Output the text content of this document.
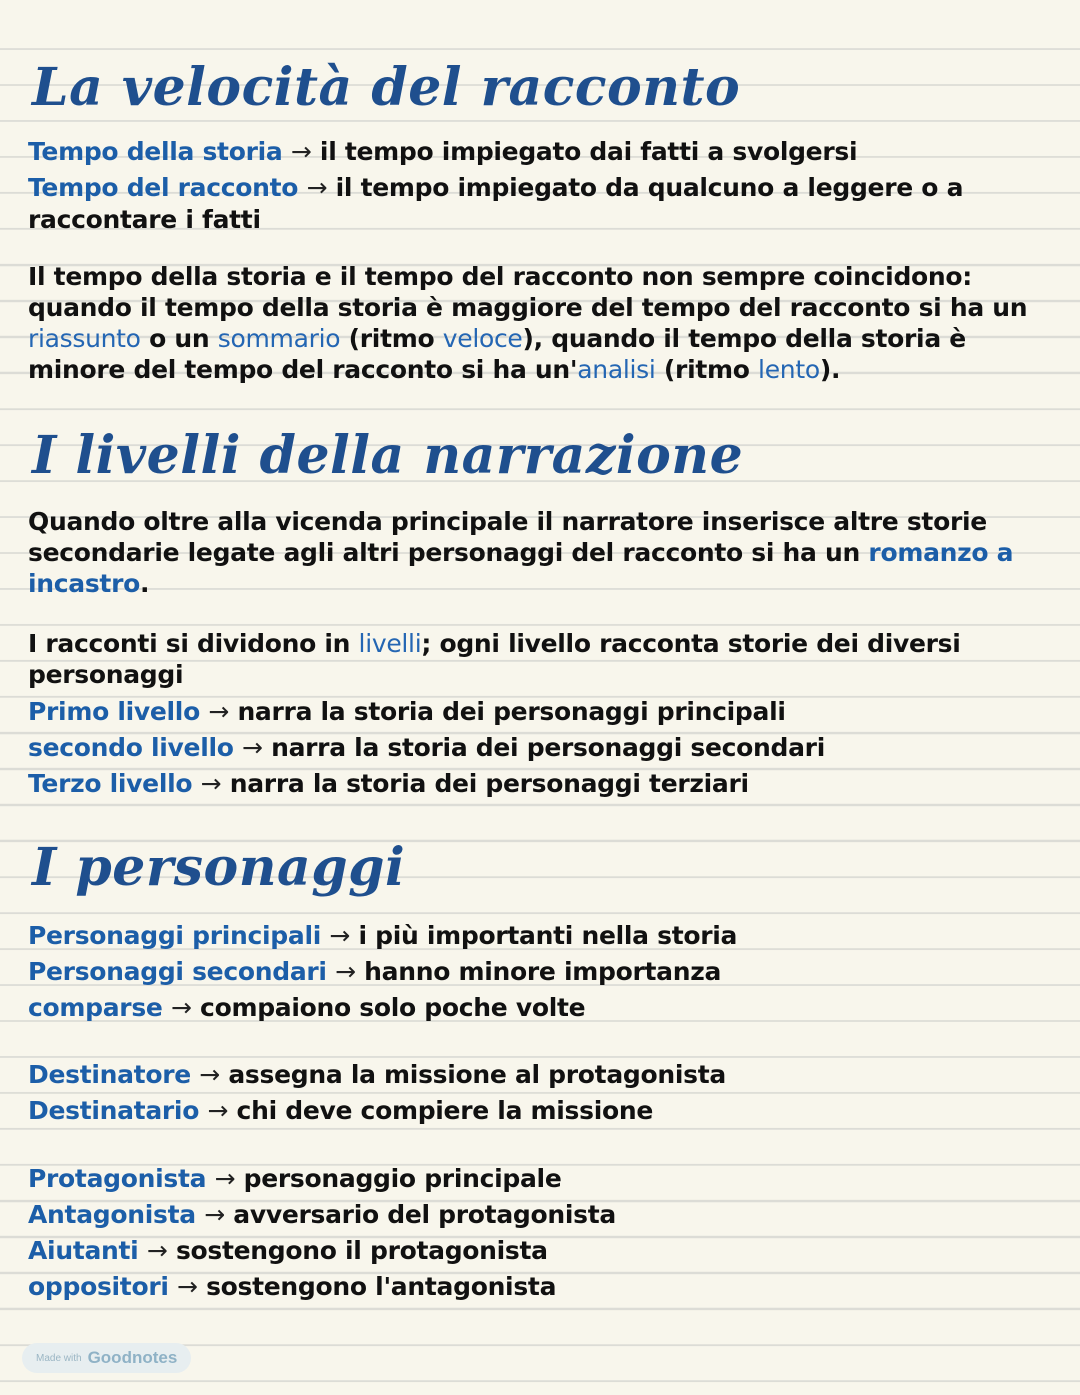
La velocità del racconto
Tempo della storia → il tempo impiegato dai fatti a svolgersi
Tempo del racconto → il tempo impiegato da qualcuno a leggere o a
raccontare i fatti
Il tempo della storia e il tempo del racconto non sempre coincidono: quando il tempo della storia è maggiore del tempo del racconto si ha un riassunto o un sommario (ritmo veloce), quando il tempo della storia è minore del tempo del racconto si ha un'analisi (ritmo lento).
I livelli della narrazione
Quando oltre alla vicenda principale il narratore inserisce altre storie secondarie legate agli altri personaggi del racconto si ha un romanzo a incastro.
I racconti si dividono in livelli; ogni livello racconta storie dei diversi personaggi
Primo livello → narra la storia dei personaggi principali
secondo livello → narra la storia dei personaggi secondari
Terzo livello → narra la storia dei personaggi terziari
I personaggi
Personaggi principali → i più importanti nella storia
Personaggi secondari → hanno minore importanza
comparse → compaiono solo poche volte
Destinatore → assegna la missione al protagonista
Destinatario → chi deve compiere la missione
Protagonista → personaggio principale
Antagonista → avversario del protagonista
Aiutanti → sostengono il protagonista
oppositori → sostengono l'antagonista
Made with Goodnotes
